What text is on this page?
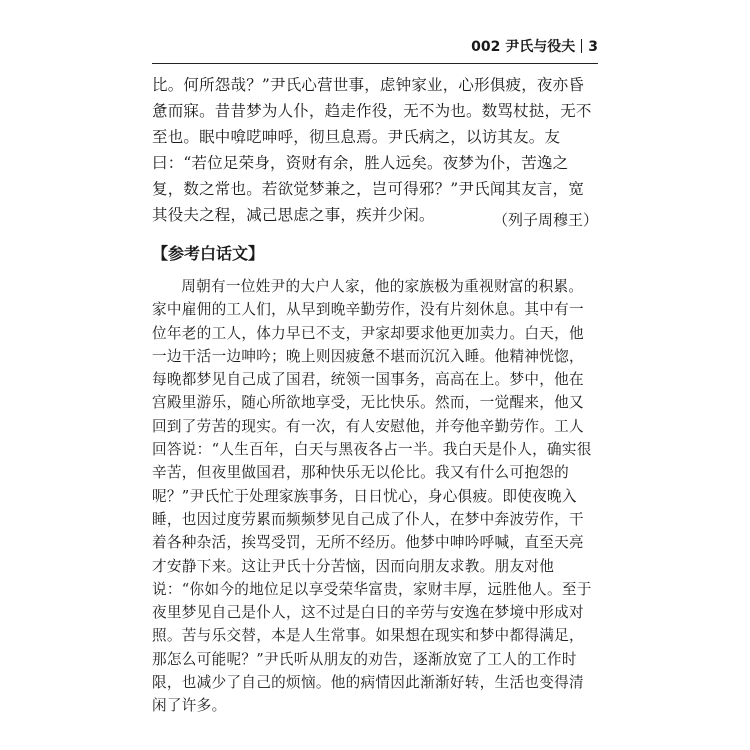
002 尹氏与役夫 3

比。何所怨哉？”尹氏心营世事，虑钟家业，心形俱疲，夜亦昏惫而寐。昔昔梦为人仆，趋走作役，无不为也。数骂杖挞，无不至也。眠中啽呓呻呼，彻旦息焉。尹氏病之，以访其友。友曰：“若位足荣身，资财有余，胜人远矣。夜梦为仆，苦逸之复，数之常也。若欲觉梦兼之，岂可得邪？”尹氏闻其友言，宽其役夫之程，减己思虑之事，疾并少闲。	（列子周穆王）
【参考白话文】

周朝有一位姓尹的大户人家，他的家族极为重视财富的积累。家中雇佣的工人们，从早到晚辛勤劳作，没有片刻休息。其中有一位年老的工人，体力早已不支，尹家却要求他更加卖力。白天，他一边干活一边呻吟；晚上则因疲惫不堪而沉沉入睡。他精神恍惚，每晚都梦见自己成了国君，统领一国事务，高高在上。梦中，他在宫殿里游乐，随心所欲地享受，无比快乐。然而，一觉醒来，他又回到了劳苦的现实。有一次，有人安慰他，并夸他辛勤劳作。工人回答说：“人生百年，白天与黑夜各占一半。我白天是仆人，确实很辛苦，但夜里做国君，那种快乐无以伦比。我又有什么可抱怨的呢？”尹氏忙于处理家族事务，日日忧心，身心俱疲。即使夜晚入睡，也因过度劳累而频频梦见自己成了仆人，在梦中奔波劳作，干着各种杂活，挨骂受罚，无所不经历。他梦中呻吟呼喊，直至天亮才安静下来。这让尹氏十分苦恼，因而向朋友求教。朋友对他说：“你如今的地位足以享受荣华富贵，家财丰厚，远胜他人。至于夜里梦见自己是仆人，这不过是白日的辛劳与安逸在梦境中形成对照。苦与乐交替，本是人生常事。如果想在现实和梦中都得满足，那怎么可能呢？”尹氏听从朋友的劝告，逐渐放宽了工人的工作时限，也减少了自己的烦恼。他的病情因此渐渐好转，生活也变得清闲了许多。
